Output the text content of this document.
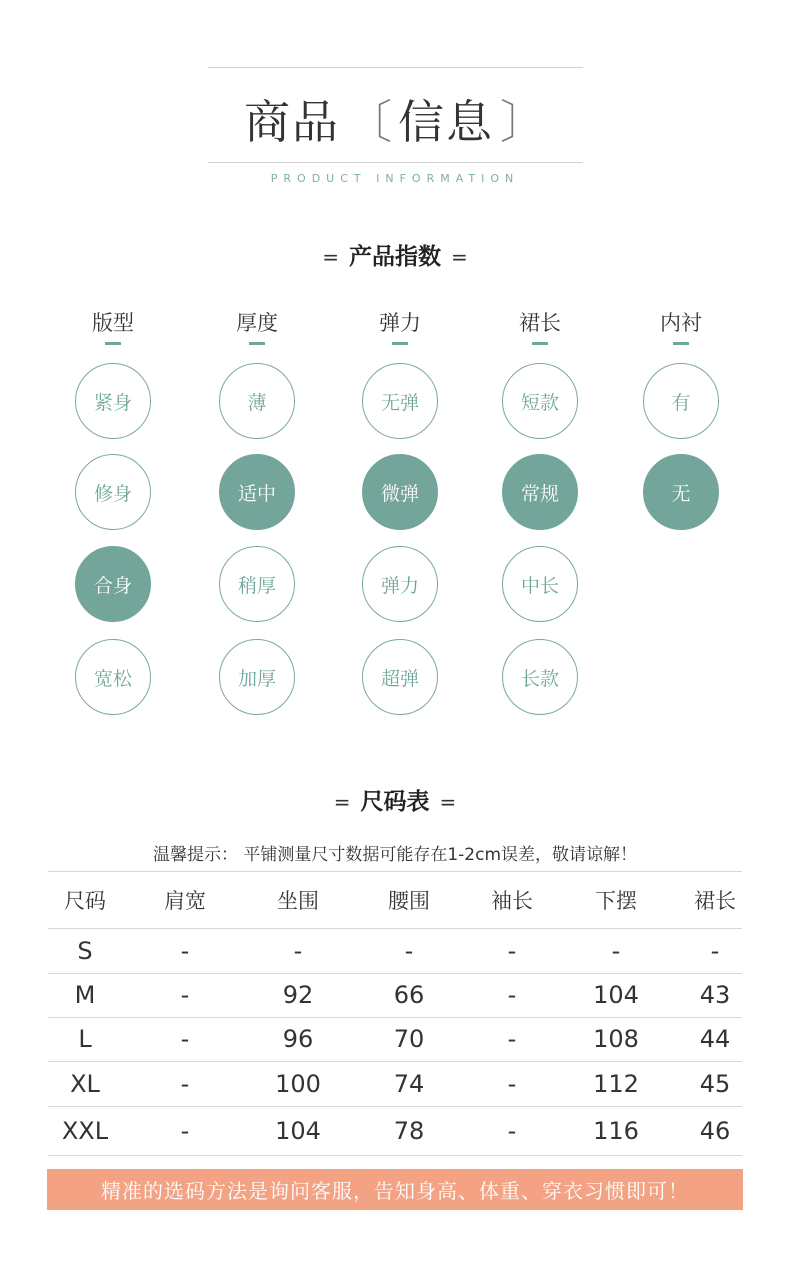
商品 〔 信息 〕
PRODUCT INFORMATION
= 产品指数 =
版型
紧身
修身
合身
宽松
厚度
薄
适中
稍厚
加厚
弹力
无弹
微弹
弹力
超弹
裙长
短款
常规
中长
长款
内衬
有
无
= 尺码表 =
温馨提示： 平铺测量尺寸数据可能存在1-2cm误差，敬请谅解！
尺码	肩宽	坐围	腰围	袖长	下摆	裙长
S	-	-	-	-	-	-
M	-	92	66	-	104	43
L	-	96	70	-	108	44
XL	-	100	74	-	112	45
XXL	-	104	78	-	116	46
精准的选码方法是询问客服，告知身高、体重、穿衣习惯即可！
